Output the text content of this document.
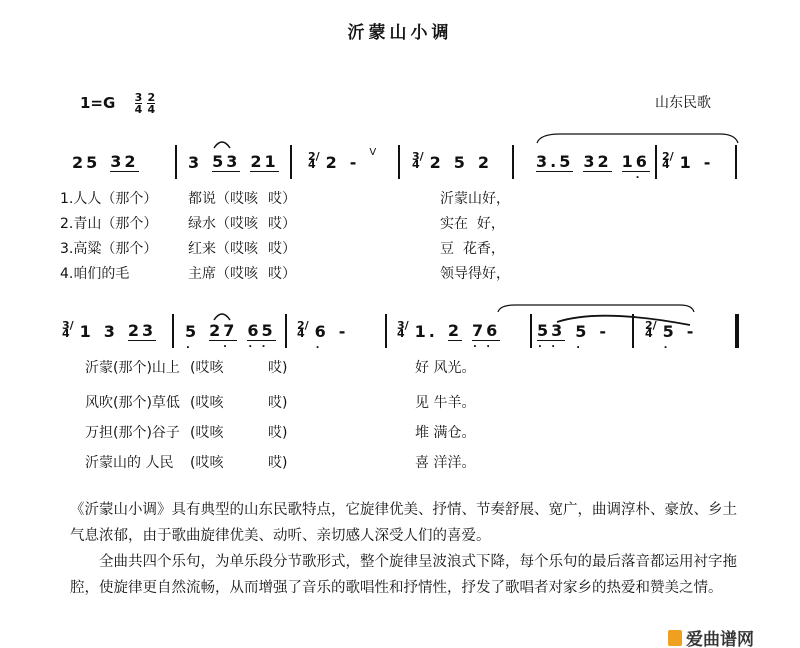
沂蒙山小调
$1=G \frac{3}{4}$
$\frac{2}{4}$	山东民歌
25 32	3 53 21	2/4 2 - V	3/4 2 5 2	3.5 32 16
.
2/4 1 -
3/4 1 3 23 5
.
27
.
65
. .
2/4 6
.
-	3/4 1. 2 76
. .
53
. .
5
.
-	2/4 5
.
-
1.人人（那个） 都说（哎咳 哎）	沂蒙山好，
2.青山（那个） 绿水（哎咳 哎）	实在  好，
3.高粱（那个） 红来（哎咳 哎）	豆  花香，
4.咱们的毛	主席（哎咳 哎）	领导得好，
沂蒙(那个)山上 (哎咳	哎)	好 风光。
风吹(那个)草低 (哎咳	哎)	见 牛羊。
万担(那个)谷子 (哎咳	哎)	堆 满仓。
沂蒙山的 人民 (哎咳	哎)	喜 洋洋。

《沂蒙山小调》具有典型的山东民歌特点，它旋律优美、抒情、节奏舒展、宽广，曲调淳朴、豪放、乡土气息浓郁，由于歌曲旋律优美、动听、亲切感人深受人们的喜爱。

全曲共四个乐句，为单乐段分节歌形式，整个旋律呈波浪式下降，每个乐句的最后落音都运用衬字拖腔，使旋律更自然流畅，从而增强了音乐的歌唱性和抒情性，抒发了歌唱者对家乡的热爱和赞美之情。

爱曲谱网
